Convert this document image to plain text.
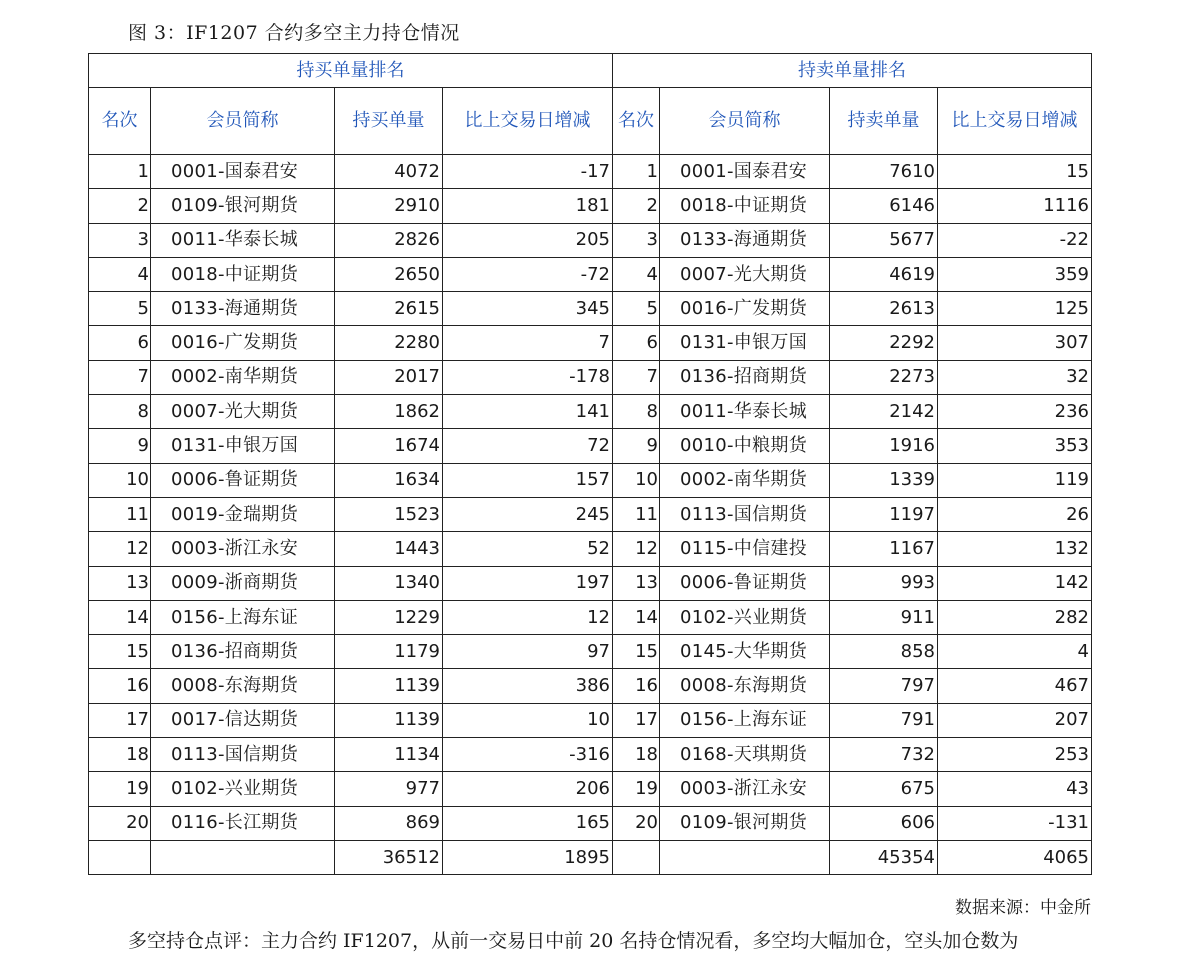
图 3：IF1207 合约多空主力持仓情况
持买单量排名				持卖单量排名			
名次	会员简称	持买单量	比上交易日增减	名次	会员简称	持卖单量	比上交易日增减
1	0001-国泰君安	4072	-17	1	0001-国泰君安	7610	15
2	0109-银河期货	2910	181	2	0018-中证期货	6146	1116
3	0011-华泰长城	2826	205	3	0133-海通期货	5677	-22
4	0018-中证期货	2650	-72	4	0007-光大期货	4619	359
5	0133-海通期货	2615	345	5	0016-广发期货	2613	125
6	0016-广发期货	2280	7	6	0131-申银万国	2292	307
7	0002-南华期货	2017	-178	7	0136-招商期货	2273	32
8	0007-光大期货	1862	141	8	0011-华泰长城	2142	236
9	0131-申银万国	1674	72	9	0010-中粮期货	1916	353
10	0006-鲁证期货	1634	157	10	0002-南华期货	1339	119
11	0019-金瑞期货	1523	245	11	0113-国信期货	1197	26
12	0003-浙江永安	1443	52	12	0115-中信建投	1167	132
13	0009-浙商期货	1340	197	13	0006-鲁证期货	993	142
14	0156-上海东证	1229	12	14	0102-兴业期货	911	282
15	0136-招商期货	1179	97	15	0145-大华期货	858	4
16	0008-东海期货	1139	386	16	0008-东海期货	797	467
17	0017-信达期货	1139	10	17	0156-上海东证	791	207
18	0113-国信期货	1134	-316	18	0168-天琪期货	732	253
19	0102-兴业期货	977	206	19	0003-浙江永安	675	43
20	0116-长江期货	869	165	20	0109-银河期货	606	-131
		36512	1895			45354	4065
数据来源：中金所
多空持仓点评：主力合约 IF1207，从前一交易日中前 20 名持仓情况看，多空均大幅加仓，空头加仓数为
